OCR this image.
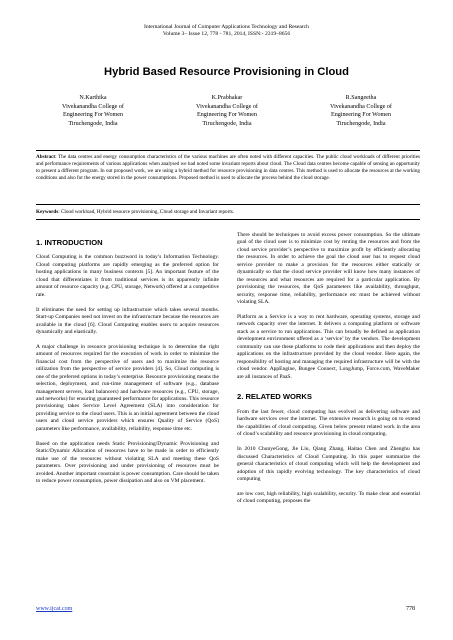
International Journal of Computer Applications Technology and Research
Volume 3– Issue 12, 778 - 781, 2014, ISSN:- 2319–8656
Hybrid Based Resource Provisioning in Cloud
N.Karthika
Vivekanandha College of
Engineering For Women
Tiruchengode, India
K.Prabhakar
Vivekanandha College of
Engineering For Women
Tiruchengode, India
R.Sangeetha
Vivekanandha College of
Engineering For Women
Tiruchengode, India
Abstract: The data centres and energy consumption characteristics of the various machines are often noted with different capacities. The public cloud workloads of different priorities and performance requirements of various applications when analysed we had noted some invariant reports about cloud. The Cloud data centres become capable of sensing an opportunity to present a different program. In out proposed work, we are using a hybrid method for resource provisioning in data centres. This method is used to allocate the resources at the working conditions and also for the energy stored in the power consumptions. Proposed method is used to allocate the process behind the cloud storage.
Keywords: Cloud workload, Hybrid resource provisioning, Cloud storage and Invariant reports.

1. INTRODUCTION

Cloud Computing is the common buzzword in today’s Information Technology. Cloud computing platforms are rapidly emerging as the preferred option for hosting applications in many business contexts [5]. An important feature of the cloud that differentiates it from traditional services is its apparently infinite amount of resource capacity (e.g. CPU, storage, Network) offered at a competitive rate.

It eliminates the need for setting up infrastructure which takes several months. Start-up Companies need not invest on the infrastructure because the resources are available in the cloud [6]. Cloud Computing enables users to acquire resources dynamically and elastically.

A major challenge in resource provisioning technique is to determine the right amount of resources required for the execution of work in order to minimize the financial cost from the perspective of users and to maximize the resource utilization from the perspective of service providers [4]. So, Cloud computing is one of the preferred options in today’s enterprise. Resource provisioning means the selection, deployment, and run-time management of software (e.g., database management servers, load balancers) and hardware resources (e.g., CPU, storage, and networks) for ensuring guaranteed performance for applications. This resource provisioning takes Service Level Agreement (SLA) into consideration for providing service to the cloud users. This is an initial agreement between the cloud users and cloud service providers which ensures Quality of Service (QoS) parameters like performance, availability, reliability, response time etc.

Based on the application needs Static Provisioning/Dynamic Provisioning and Static/Dynamic Allocation of resources have to be made in order to efficiently make use of the resources without violating SLA and meeting these QoS parameters. Over provisioning and under provisioning of resources must be avoided. Another important constraint is power consumption. Care should be taken to reduce power consumption, power dissipation and also on VM placement.

There should be techniques to avoid excess power consumption. So the ultimate goal of the cloud user is to minimize cost by renting the resources and from the cloud service provider’s perspective to maximize profit by efficiently allocating the resources. In order to achieve the goal the cloud user has to request cloud service provider to make a provision for the resources either statically or dynamically so that the cloud service provider will know how many instances of the resources and what resources are required for a particular application. By provisioning the resources, the QoS parameters like availability, throughput, security, response time, reliability, performance etc must be achieved without violating SLA.

Platform as a Service is a way to rent hardware, operating systems, storage and network capacity over the internet. It delivers a computing platform or software stack as a service to run applications. This can broadly be defined as application development environment offered as a ‘service’ by the vendors. The development community can use these platforms to code their applications and then deploy the applications on the infrastructure provided by the cloud vendor. Here again, the responsibility of hosting and managing the required infrastructure will be with the cloud vendor. AppEngine, Bungee Connect, LongJump, Force.com, WaveMaker are all instances of PaaS.

2. RELATED WORKS

From the last fewer, cloud computing has evolved as delivering software and hardware services over the internet. The extensive research is going on to extend the capabilities of cloud computing. Given below present related work in the area of cloud’s scalability and resource provisioning in cloud computing.

In 2010 ChunyeGong, Jie Liu, Qiang Zhang, Haitao Chen and Zhenghu has discussed Characteristics of Cloud Computing. In this paper summarize the general characteristics of cloud computing which will help the development and adoption of this rapidly evolving technology. The key characteristics of cloud computing

are low cost, high reliability, high scalability, security. To make clear and essential of cloud computing, proposes the

www.ijcat.com	778
